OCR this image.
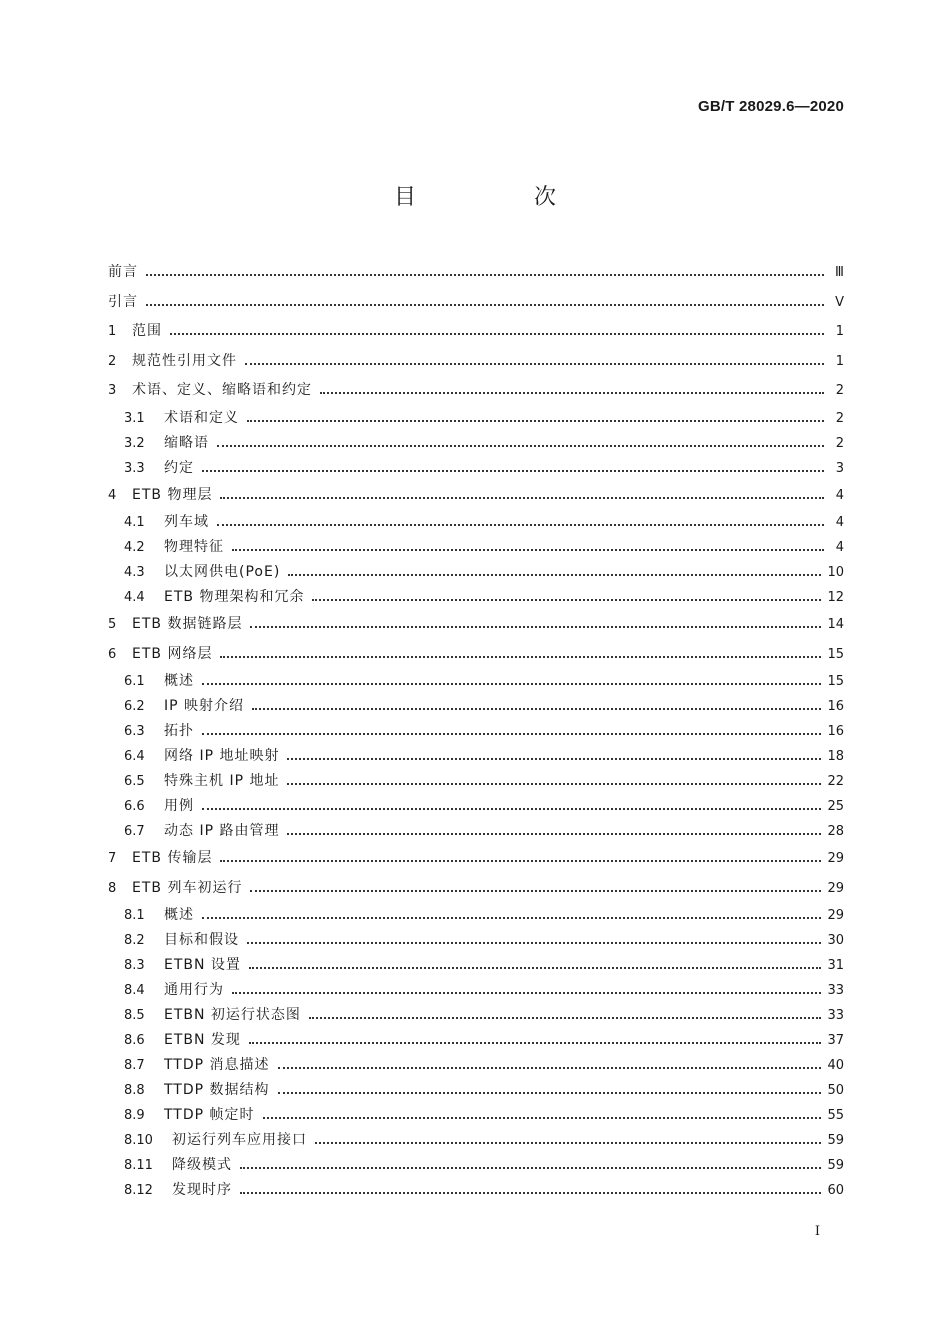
GB/T 28029.6—2020
目　次
前言	Ⅲ
引言	Ⅴ
1	范围	1
2	规范性引用文件	1
3	术语、定义、缩略语和约定	2
3.1	术语和定义	2
3.2	缩略语	2
3.3	约定	3
4	ETB 物理层	4
4.1	列车域	4
4.2	物理特征	4
4.3	以太网供电(PoE)	10
4.4	ETB 物理架构和冗余	12
5	ETB 数据链路层	14
6	ETB 网络层	15
6.1	概述	15
6.2	IP 映射介绍	16
6.3	拓扑	16
6.4	网络 IP 地址映射	18
6.5	特殊主机 IP 地址	22
6.6	用例	25
6.7	动态 IP 路由管理	28
7	ETB 传输层	29
8	ETB 列车初运行	29
8.1	概述	29
8.2	目标和假设	30
8.3	ETBN 设置	31
8.4	通用行为	33
8.5	ETBN 初运行状态图	33
8.6	ETBN 发现	37
8.7	TTDP 消息描述	40
8.8	TTDP 数据结构	50
8.9	TTDP 帧定时	55
8.10	初运行列车应用接口	59
8.11	降级模式	59
8.12	发现时序	60
I
